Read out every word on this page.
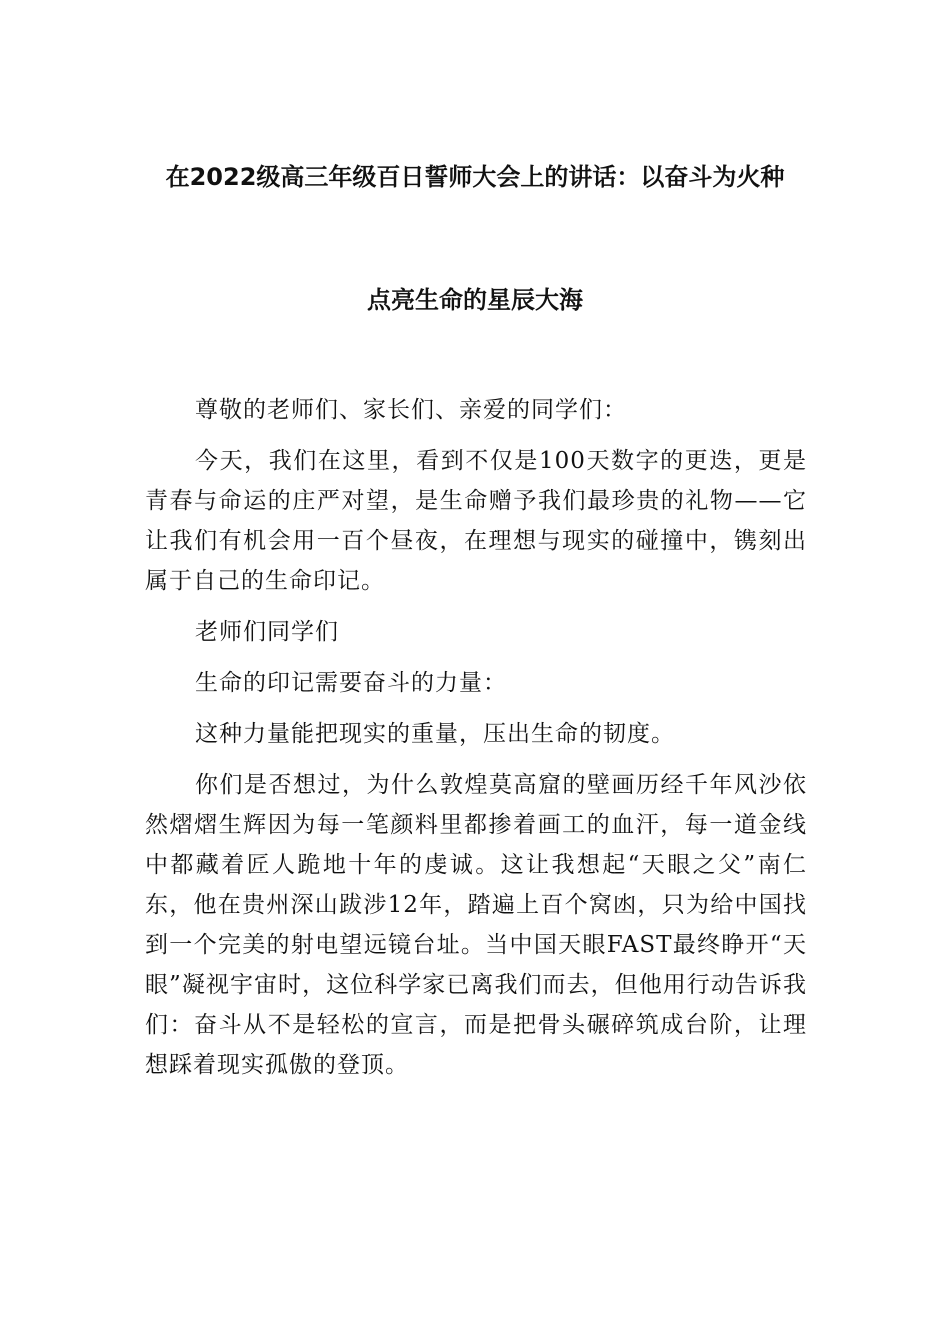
在2022级高三年级百日誓师大会上的讲话：以奋斗为火种
点亮生命的星辰大海

尊敬的老师们、家长们、亲爱的同学们：

今天，我们在这里，看到不仅是100天数字的更迭，更是青春与命运的庄严对望，是生命赠予我们最珍贵的礼物——它让我们有机会用一百个昼夜，在理想与现实的碰撞中，镌刻出属于自己的生命印记。

老师们同学们

生命的印记需要奋斗的力量：

这种力量能把现实的重量，压出生命的韧度。

你们是否想过，为什么敦煌莫高窟的壁画历经千年风沙依然熠熠生辉因为每一笔颜料里都掺着画工的血汗，每一道金线中都藏着匠人跪地十年的虔诚。这让我想起“天眼之父”南仁东，他在贵州深山跋涉12年，踏遍上百个窝凼，只为给中国找到一个完美的射电望远镜台址。当中国天眼FAST最终睁开“天眼”凝视宇宙时，这位科学家已离我们而去，但他用行动告诉我们：奋斗从不是轻松的宣言，而是把骨头碾碎筑成台阶，让理想踩着现实孤傲的登顶。
